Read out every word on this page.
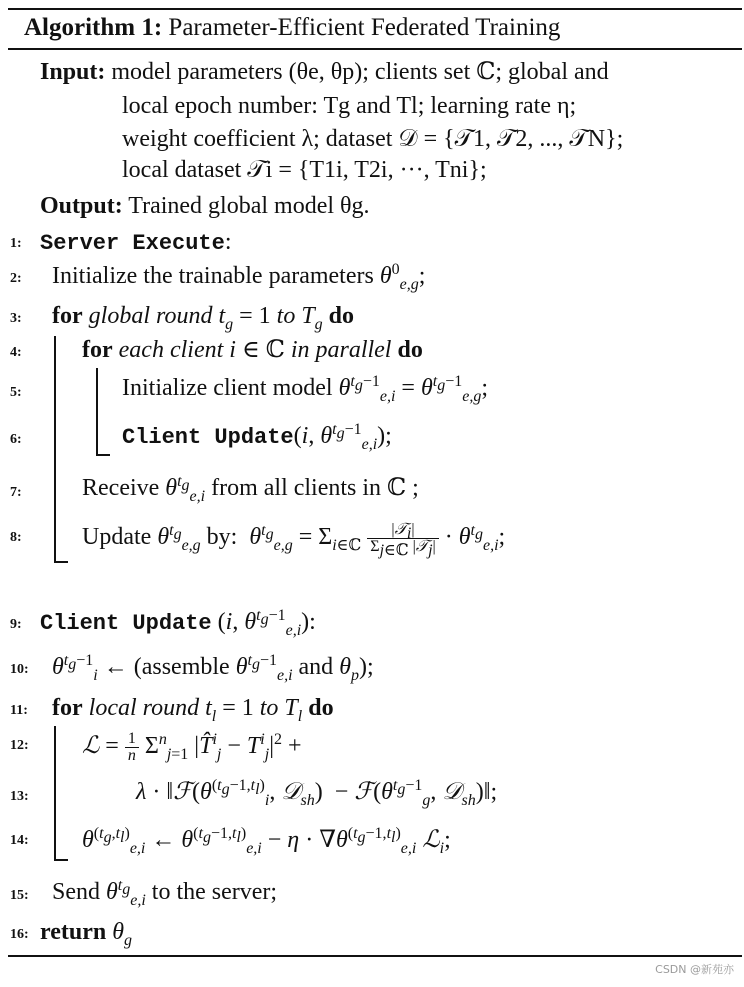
Algorithm 1: Parameter-Efficient Federated Training
Input: model parameters (θe, θp); clients set ℂ; global and
local epoch number: Tg and Tl; learning rate η;
weight coefficient λ; dataset 𝒟 = {𝒯1, 𝒯2, ..., 𝒯N};
local dataset 𝒯i = {T1i, T2i, ···, Tni};
Output: Trained global model θg.
1:
2:
3:
4:
5:
6:
7:
8:
9:
10:
11:
12:
13:
14:
15:
16:
Server Execute:
Initialize the trainable parameters $\theta^0_{e,g}$;
for global round $t_g = 1$ to $T_g$ do
for each client i ∈ ℂ in parallel do
Initialize client model $\theta^{t_g-1}_{e,i} = \theta^{t_g-1}_{e,g}$;
Client Update(i, $\theta^{t_g-1}_{e,i}$);
Receive $\theta^{t_g}_{e,i}$ from all clients in ℂ ;
Update $\theta^{t_g}_{e,g}$ by:  $\theta^{t_g}_{e,g} = \Sigma_{i\in ℂ} \frac{|𝒯_i|}{\Sigma_{j\in ℂ} |𝒯_j|} \cdot \theta^{t_g}_{e,i}$;
Client Update (i, $\theta^{t_g-1}_{e,i}$):
$\theta^{t_g-1}_i$ ← (assemble $\theta^{t_g-1}_{e,i}$ and $\theta_p$);
for local round $t_l = 1$ to $T_l$ do
ℒ = $\frac{1}{n} \Sigma^n_{j=1}$ |T̂$^i_j$ − $T^i_j|^2$ +
$\lambda \cdot ‖ℱ(\theta^{(t_g-1,t_l)}_i$, 𝒟$_{sh}$)  − $ℱ(\theta^{t_g-1}_g$, 𝒟$_{sh}$)‖;
$\theta^{(t_g,t_l)}_{e,i}$ ← $\theta^{(t_g-1,t_l)}_{e,i} - \eta \cdot \nabla\theta^{(t_g-1,t_l)}_{e,i}$ ℒ$_i$;
Send $\theta^{t_g}_{e,i}$ to the server;
return $\theta_g$
CSDN @新苑亦
